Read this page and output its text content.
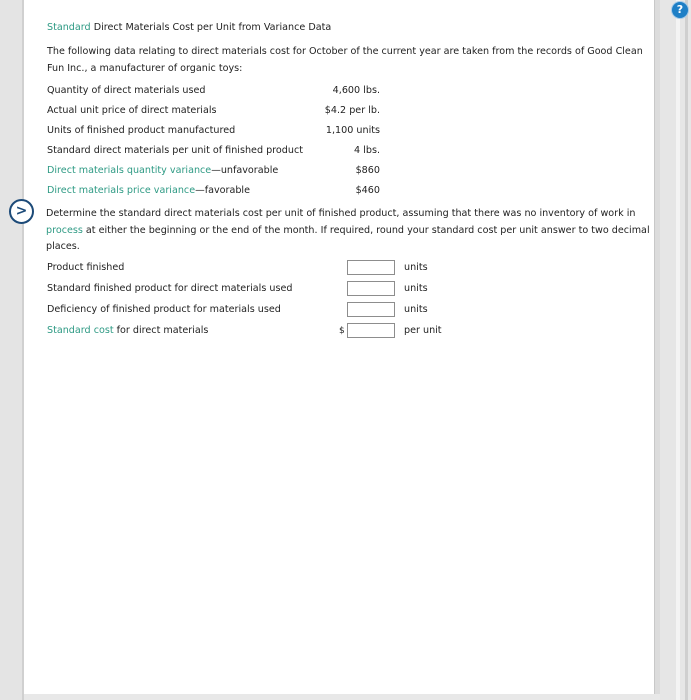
?
Standard Direct Materials Cost per Unit from Variance Data
The following data relating to direct materials cost for October of the current year are taken from the records of Good Clean Fun Inc., a manufacturer of organic toys:
Quantity of direct materials used	4,600 lbs.
Actual unit price of direct materials	$4.2 per lb.
Units of finished product manufactured	1,100 units
Standard direct materials per unit of finished product	4 lbs.
Direct materials quantity variance—unfavorable	$860
Direct materials price variance—favorable	$460
>	Determine the standard direct materials cost per unit of finished product, assuming that there was no inventory of work in process at either the beginning or the end of the month. If required, round your standard cost per unit answer to two decimal places.
Product finished	units
Standard finished product for direct materials used	units
Deficiency of finished product for materials used	units
Standard cost for direct materials	$	per unit
